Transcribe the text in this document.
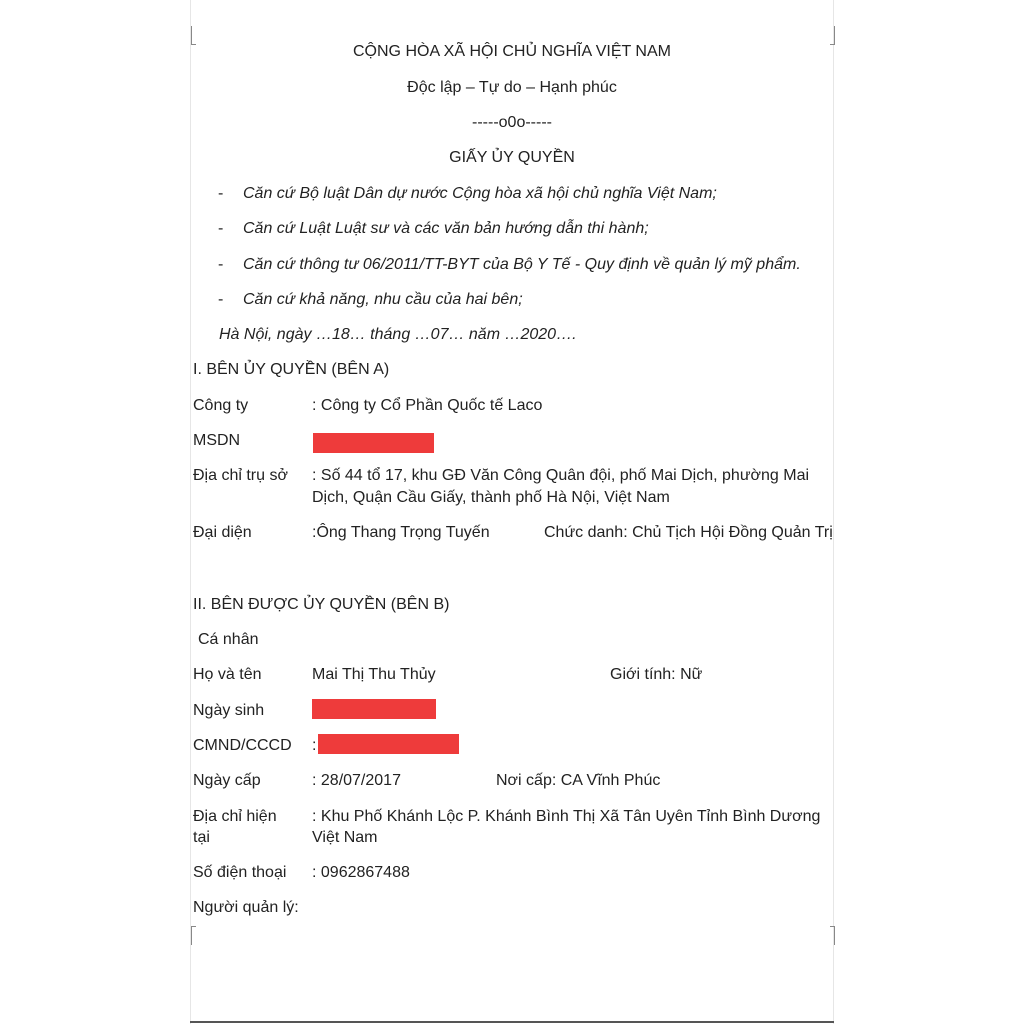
CỘNG HÒA XÃ HỘI CHỦ NGHĨA VIỆT NAM
Độc lập – Tự do – Hạnh phúc
-----o0o-----
GIẤY ỦY QUYỀN
- Căn cứ Bộ luật Dân dự nước Cộng hòa xã hội chủ nghĩa Việt Nam;
- Căn cứ Luật Luật sư và các văn bản hướng dẫn thi hành;
- Căn cứ thông tư 06/2011/TT-BYT của Bộ Y Tế - Quy định về quản lý mỹ phẩm.
- Căn cứ khả năng, nhu cầu của hai bên;
Hà Nội, ngày …18… tháng …07… năm …2020….
I. BÊN ỦY QUYỀN (BÊN A)
Công ty	: Công ty Cổ Phần Quốc tế Laco
MSDN
Địa chỉ trụ sở : Số 44 tổ 17, khu GĐ Văn Công Quân đội, phố Mai Dịch, phường Mai
Dịch, Quận Cầu Giấy, thành phố Hà Nội, Việt Nam
Đại diện	:Ông Thang Trọng Tuyến	Chức danh: Chủ Tịch Hội Đồng Quản Trị
II. BÊN ĐƯỢC ỦY QUYỀN (BÊN B)
Cá nhân
Họ và tên	Mai Thị Thu Thủy	Giới tính: Nữ
Ngày sinh
CMND/CCCD :
Ngày cấp	: 28/07/2017	Nơi cấp: CA Vĩnh Phúc
Địa chỉ hiện
tại
: Khu Phố Khánh Lộc P. Khánh Bình Thị Xã Tân Uyên Tỉnh Bình Dương
Việt Nam
Số điện thoại : 0962867488
Người quản lý:
